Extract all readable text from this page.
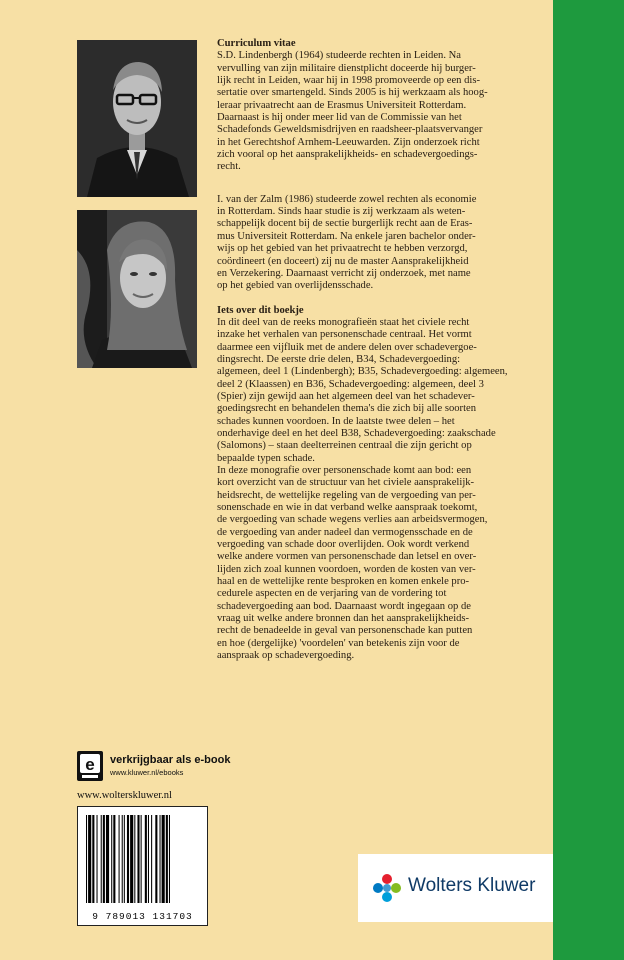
Curriculum vitae

S.D. Lindenbergh (1964) studeerde rechten in Leiden. Na

vervulling van zijn militaire dienstplicht doceerde hij burger-

lijk recht in Leiden, waar hij in 1998 promoveerde op een dis-

sertatie over smartengeld. Sinds 2005 is hij werkzaam als hoog-

leraar privaatrecht aan de Erasmus Universiteit Rotterdam.

Daarnaast is hij onder meer lid van de Commissie van het

Schadefonds Geweldsmisdrijven en raadsheer-plaatsvervanger

in het Gerechtshof Arnhem-Leeuwarden. Zijn onderzoek richt

zich vooral op het aansprakelijkheids- en schadevergoedings-

recht.

I. van der Zalm (1986) studeerde zowel rechten als economie

in Rotterdam. Sinds haar studie is zij werkzaam als weten-

schappelijk docent bij de sectie burgerlijk recht aan de Eras-

mus Universiteit Rotterdam. Na enkele jaren bachelor onder-

wijs op het gebied van het privaatrecht te hebben verzorgd,

coördineert (en doceert) zij nu de master Aansprakelijkheid

en Verzekering. Daarnaast verricht zij onderzoek, met name

op het gebied van overlijdensschade.

Iets over dit boekje

In dit deel van de reeks monografieën staat het civiele recht

inzake het verhalen van personenschade centraal. Het vormt

daarmee een vijfluik met de andere delen over schadevergoe-

dingsrecht. De eerste drie delen, B34, Schadevergoeding:

algemeen, deel 1 (Lindenbergh); B35, Schadevergoeding: algemeen,

deel 2 (Klaassen) en B36, Schadevergoeding: algemeen, deel 3

(Spier) zijn gewijd aan het algemeen deel van het schadever-

goedingsrecht en behandelen thema's die zich bij alle soorten

schades kunnen voordoen. In de laatste twee delen – het

onderhavige deel en het deel B38, Schadevergoeding: zaakschade

(Salomons) – staan deelterreinen centraal die zijn gericht op

bepaalde typen schade.

In deze monografie over personenschade komt aan bod: een

kort overzicht van de structuur van het civiele aansprakelijk-

heidsrecht, de wettelijke regeling van de vergoeding van per-

sonenschade en wie in dat verband welke aanspraak toekomt,

de vergoeding van schade wegens verlies aan arbeidsvermogen,

de vergoeding van ander nadeel dan vermogensschade en de

vergoeding van schade door overlijden. Ook wordt verkend

welke andere vormen van personenschade dan letsel en over-

lijden zich zoal kunnen voordoen, worden de kosten van ver-

haal en de wettelijke rente besproken en komen enkele pro-

cedurele aspecten en de verjaring van de vordering tot

schadevergoeding aan bod. Daarnaast wordt ingegaan op de

vraag uit welke andere bronnen dan het aansprakelijkheids-

recht de benadeelde in geval van personenschade kan putten

en hoe (dergelijke) 'voordelen' van betekenis zijn voor de

aanspraak op schadevergoeding.

e verkrijgbaar als e-book
www.kluwer.nl/ebooks
www.wolterskluwer.nl
9 789013 131703
Wolters Kluwer
